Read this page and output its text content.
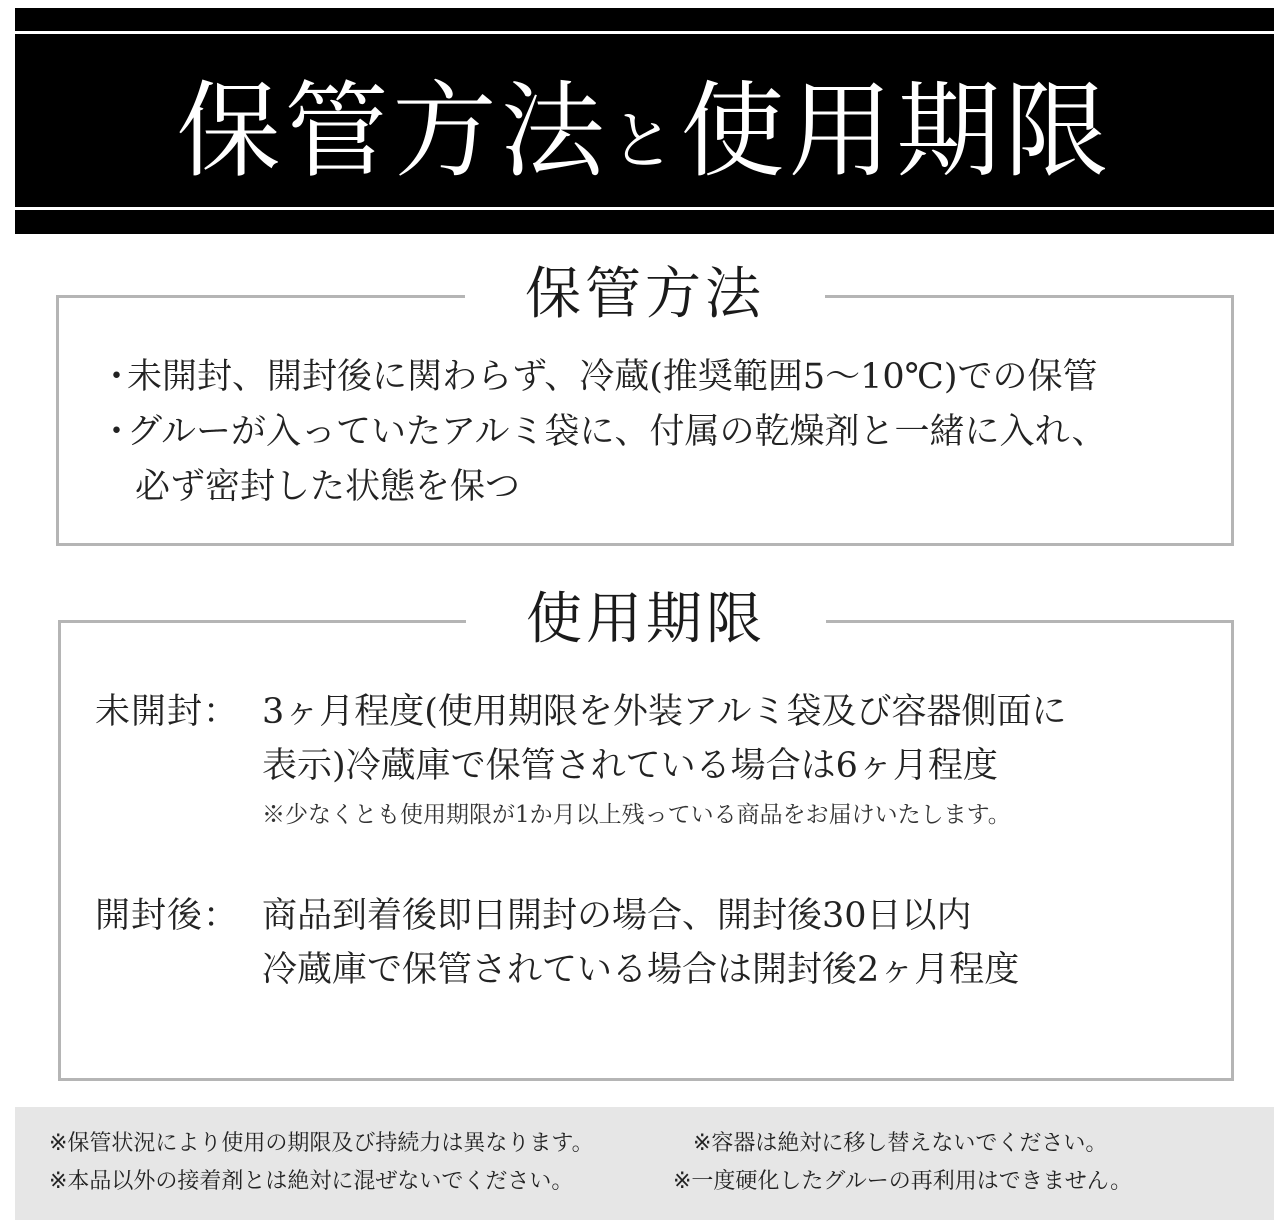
保管方法 と 使用期限
保管方法
・未開封、開封後に関わらず、冷蔵(推奨範囲5〜10℃)での保管
・グルーが入っていたアルミ袋に、付属の乾燥剤と一緒に入れ、
必ず密封した状態を保つ
使用期限
未開封： 3ヶ月程度(使用期限を外装アルミ袋及び容器側面に
表示)冷蔵庫で保管されている場合は6ヶ月程度
※少なくとも使用期限が1か月以上残っている商品をお届けいたします。
開封後： 商品到着後即日開封の場合、開封後30日以内
冷蔵庫で保管されている場合は開封後2ヶ月程度
※保管状況により使用の期限及び持続力は異なります。	※容器は絶対に移し替えないでください。
※本品以外の接着剤とは絶対に混ぜないでください。	※一度硬化したグルーの再利用はできません。
